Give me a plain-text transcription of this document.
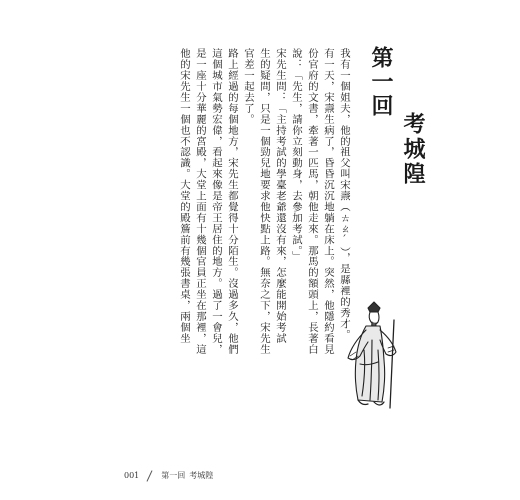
我有一個姐夫，他的祖父叫宋燾（ㄊㄠˊ），是縣裡的秀才。
有一天，宋燾生病了，昏昏沉沉地躺在床上。突然，他隱約看見
份官府的文書，牽著一匹馬，朝他走來。那馬的額頭上，長著白
說：「先生，請你立刻動身，去參加考試。」
宋先生問：「主持考試的學臺老爺還沒有來，怎麼能開始考試
生的疑問，只是一個勁兒地要求他快點上路。無奈之下，宋先生
官差一起去了。
路上經過的每個地方，宋先生都覺得十分陌生。沒過多久，他們
這個城市氣勢宏偉，看起來像是帝王居住的地方。過了一會兒，
是一座十分華麗的宮殿，大堂上面有十幾個官員正坐在那裡，這
他的宋先生一個也不認識。大堂的殿簷前有幾張書桌，兩個坐
第一回
考城隍
001	第一回 考城隍
